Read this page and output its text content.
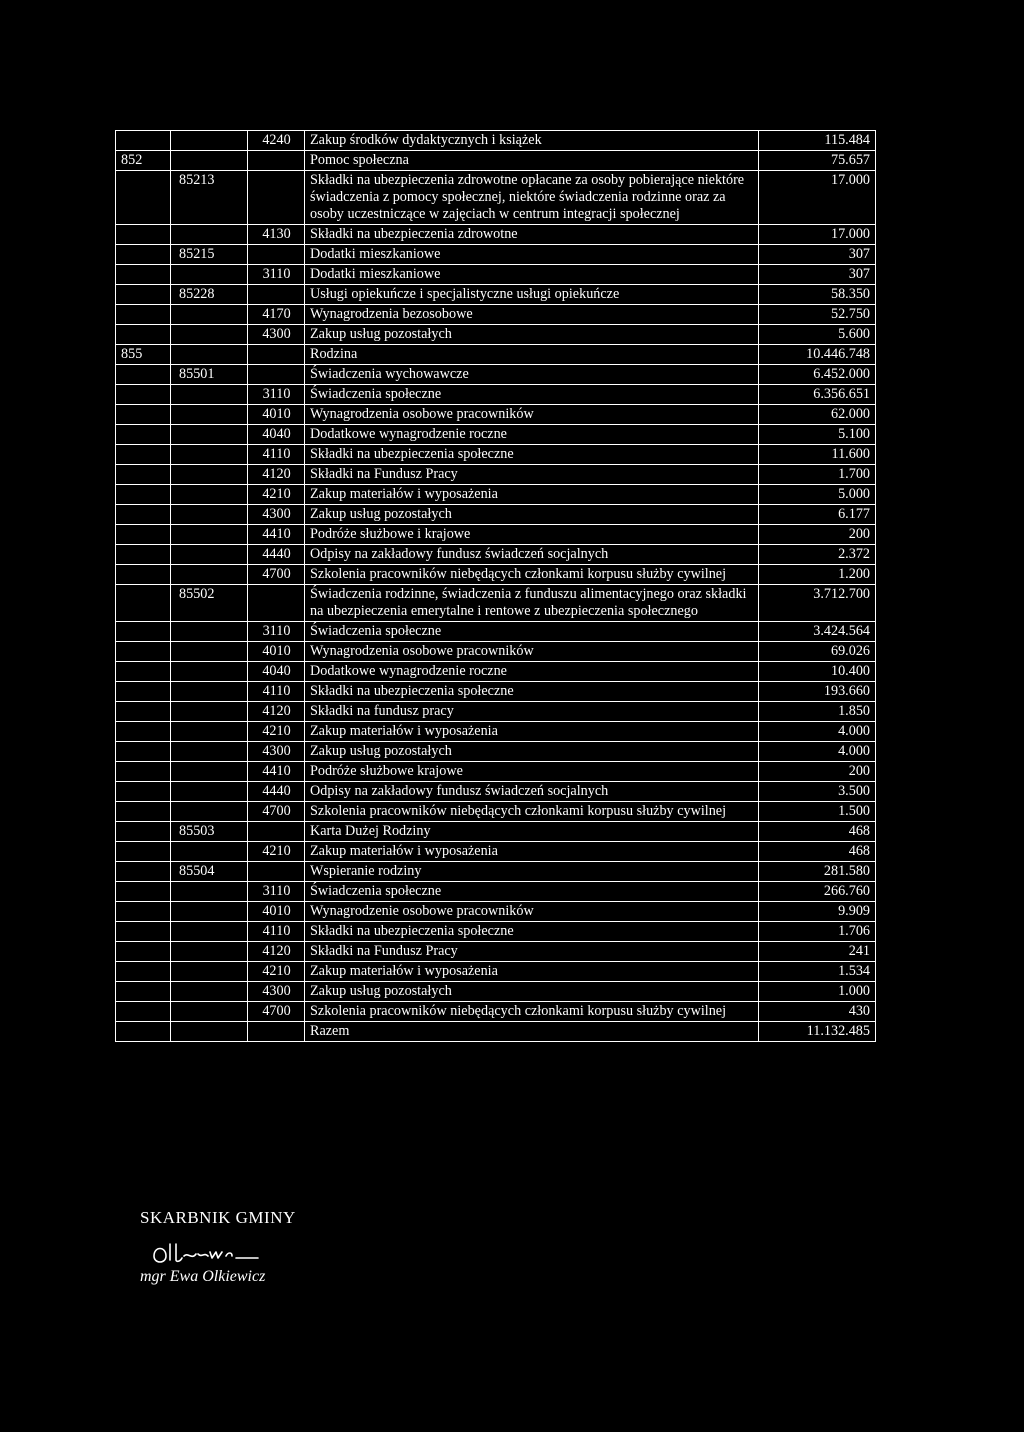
		4240	Zakup środków dydaktycznych i książek	115.484
852			Pomoc społeczna	75.657
	85213		Składki na ubezpieczenia zdrowotne opłacane za osoby pobierające niektóre świadczenia z pomocy społecznej, niektóre świadczenia rodzinne oraz za osoby uczestniczące w zajęciach w centrum integracji społecznej	17.000
		4130	Składki na ubezpieczenia zdrowotne	17.000
	85215		Dodatki mieszkaniowe	307
		3110	Dodatki mieszkaniowe	307
	85228		Usługi opiekuńcze i specjalistyczne usługi opiekuńcze	58.350
		4170	Wynagrodzenia bezosobowe	52.750
		4300	Zakup usług pozostałych	5.600
855			Rodzina	10.446.748
	85501		Świadczenia wychowawcze	6.452.000
		3110	Świadczenia społeczne	6.356.651
		4010	Wynagrodzenia osobowe pracowników	62.000
		4040	Dodatkowe wynagrodzenie roczne	5.100
		4110	Składki na ubezpieczenia społeczne	11.600
		4120	Składki na Fundusz Pracy	1.700
		4210	Zakup materiałów i wyposażenia	5.000
		4300	Zakup usług pozostałych	6.177
		4410	Podróże służbowe i krajowe	200
		4440	Odpisy na zakładowy fundusz świadczeń socjalnych	2.372
		4700	Szkolenia pracowników niebędących członkami korpusu służby cywilnej	1.200
	85502		Świadczenia rodzinne, świadczenia z funduszu alimentacyjnego oraz składki na ubezpieczenia emerytalne i rentowe z ubezpieczenia społecznego	3.712.700
		3110	Świadczenia społeczne	3.424.564
		4010	Wynagrodzenia osobowe pracowników	69.026
		4040	Dodatkowe wynagrodzenie roczne	10.400
		4110	Składki na ubezpieczenia społeczne	193.660
		4120	Składki na fundusz pracy	1.850
		4210	Zakup materiałów i wyposażenia	4.000
		4300	Zakup usług pozostałych	4.000
		4410	Podróże służbowe krajowe	200
		4440	Odpisy na zakładowy fundusz świadczeń socjalnych	3.500
		4700	Szkolenia pracowników niebędących członkami korpusu służby cywilnej	1.500
	85503		Karta Dużej Rodziny	468
		4210	Zakup materiałów i wyposażenia	468
	85504		Wspieranie rodziny	281.580
		3110	Świadczenia społeczne	266.760
		4010	Wynagrodzenie osobowe pracowników	9.909
		4110	Składki na ubezpieczenia społeczne	1.706
		4120	Składki na Fundusz Pracy	241
		4210	Zakup materiałów i wyposażenia	1.534
		4300	Zakup usług pozostałych	1.000
		4700	Szkolenia pracowników niebędących członkami korpusu służby cywilnej	430
			Razem	11.132.485
SKARBNIK GMINY
mgr Ewa Olkiewicz
